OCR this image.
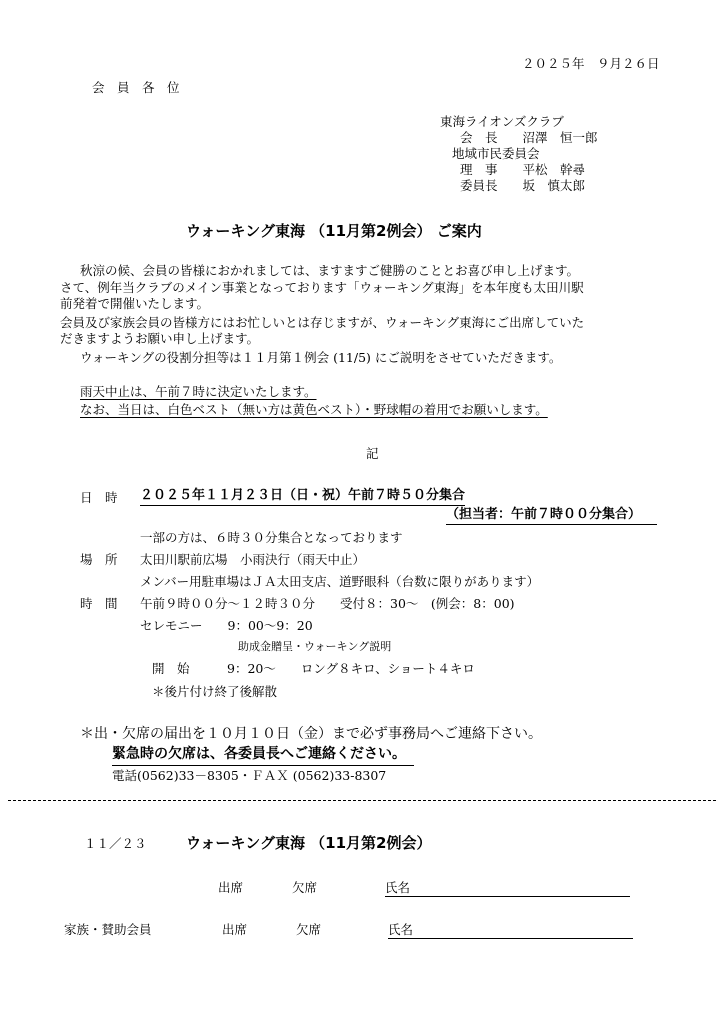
２０２５年　９月２６日
会　員　各　位
東海ライオンズクラブ
会　長　　沼澤　恒一郎
地域市民委員会
理　事　　平松　幹尋
委員長　　坂　慎太郎
ウォーキング東海 （11月第2例会） ご案内
秋涼の候、会員の皆様におかれましては、ますますご健勝のこととお喜び申し上げます。
さて、例年当クラブのメイン事業となっております「ウォーキング東海」を本年度も太田川駅
前発着で開催いたします。
会員及び家族会員の皆様方にはお忙しいとは存じますが、ウォーキング東海にご出席していた
だきますようお願い申し上げます。
ウォーキングの役割分担等は１１月第１例会 (11/5) にご説明をさせていただきます。
雨天中止は、午前７時に決定いたします。
なお、当日は、白色ベスト（無い方は黄色ベスト）・野球帽の着用でお願いします。
記
日　時 ２０２５年１１月２３日（日・祝）午前７時５０分集合
（担当者：午前７時００分集合）
一部の方は、６時３０分集合となっております
場　所 太田川駅前広場　小雨決行（雨天中止）
メンバー用駐車場はＪＡ太田支店、道野眼科（台数に限りがあります）
時　間 午前９時００分～１２時３０分　　受付８：30～　(例会：8：00)
セレモニー　　9：00～9：20
助成金贈呈・ウォーキング説明
開　始　　　9：20～　　ロング８キロ、ショート４キロ
＊後片付け終了後解散
＊出・欠席の届出を１０月１０日（金）まで必ず事務局へご連絡下さい。
緊急時の欠席は、各委員長へご連絡ください。
電話(0562)33－8305・ＦＡＸ (0562)33-8307
１１／２３	ウォーキング東海 （11月第2例会）
出席	欠席	氏名
家族・賛助会員	出席	欠席	氏名
